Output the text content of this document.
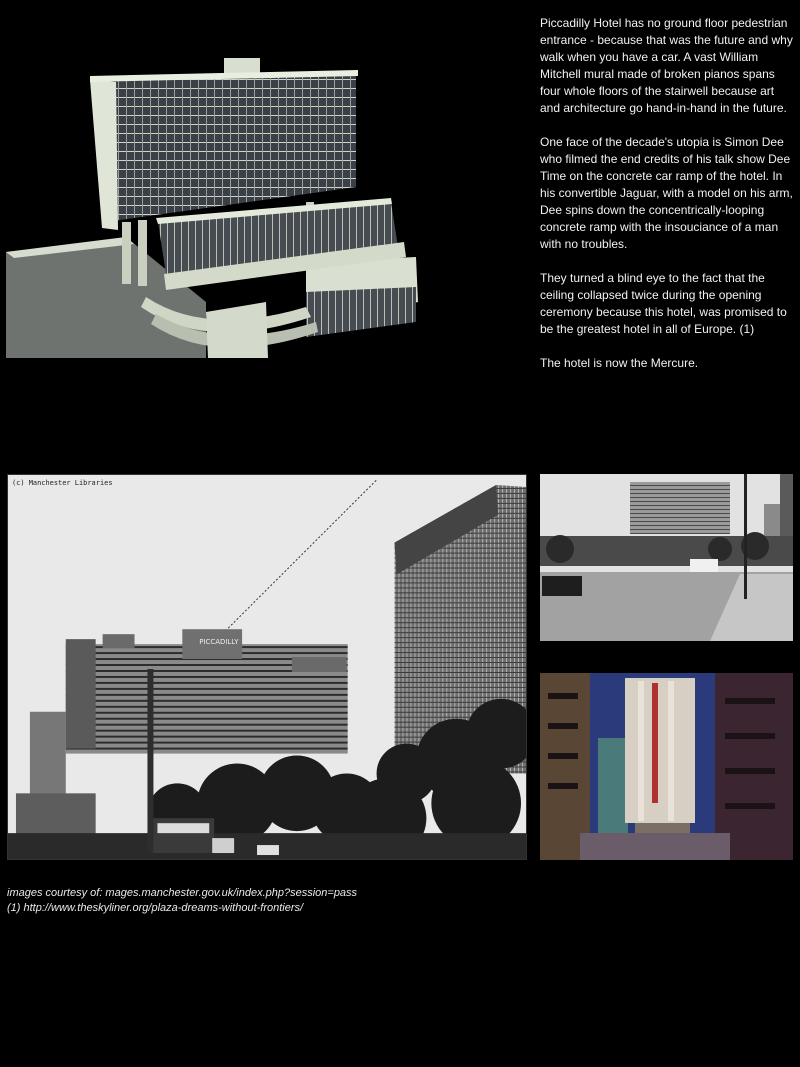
Piccadilly Hotel has no ground floor pedestrian entrance - because that was the future and why walk when you have a car. A vast William Mitchell mural made of broken pianos spans four whole floors of the stairwell because art and architecture go hand-in-hand in the future.

One face of the decade's utopia is Simon Dee who filmed the end credits of his talk show Dee Time on the concrete car ramp of the hotel. In his convertible Jaguar, with a model on his arm, Dee spins down the concentrically-looping concrete ramp with the insouciance of a man with no troubles.

They turned a blind eye to the fact that the ceiling collapsed twice during the opening ceremony because this hotel, was promised to be the greatest hotel in all of Europe. (1)

The hotel is now the Mercure.

PICCADILLY
(c) Manchester Libraries
images courtesy of: mages.manchester.gov.uk/index.php?session=pass
(1) http://www.theskyliner.org/plaza-dreams-without-frontiers/
